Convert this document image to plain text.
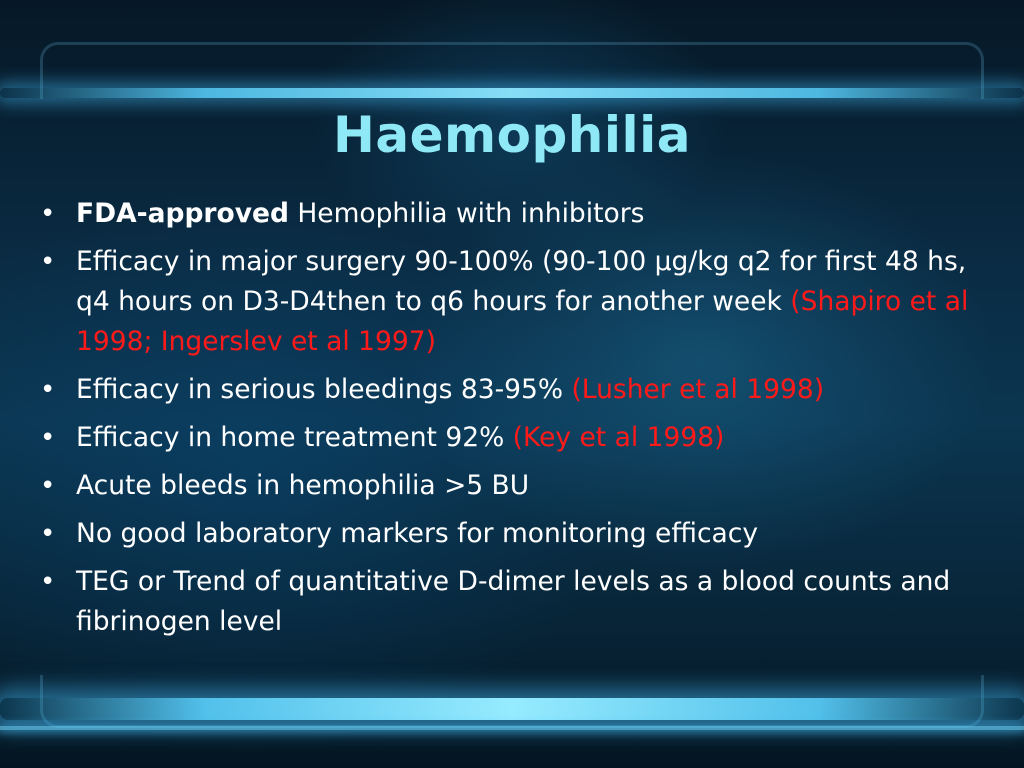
Haemophilia
• FDA-approved Hemophilia with inhibitors
• Efficacy in major surgery 90-100% (90-100 µg/kg q2 for first 48 hs, q4 hours on D3-D4then to q6 hours for another week (Shapiro et al 1998; Ingerslev et al 1997)
• Efficacy in serious bleedings 83-95% (Lusher et al 1998)
• Efficacy in home treatment 92% (Key et al 1998)
• Acute bleeds in hemophilia >5 BU
• No good laboratory markers for monitoring efficacy
• TEG or Trend of quantitative D-dimer levels as a blood counts and fibrinogen level
